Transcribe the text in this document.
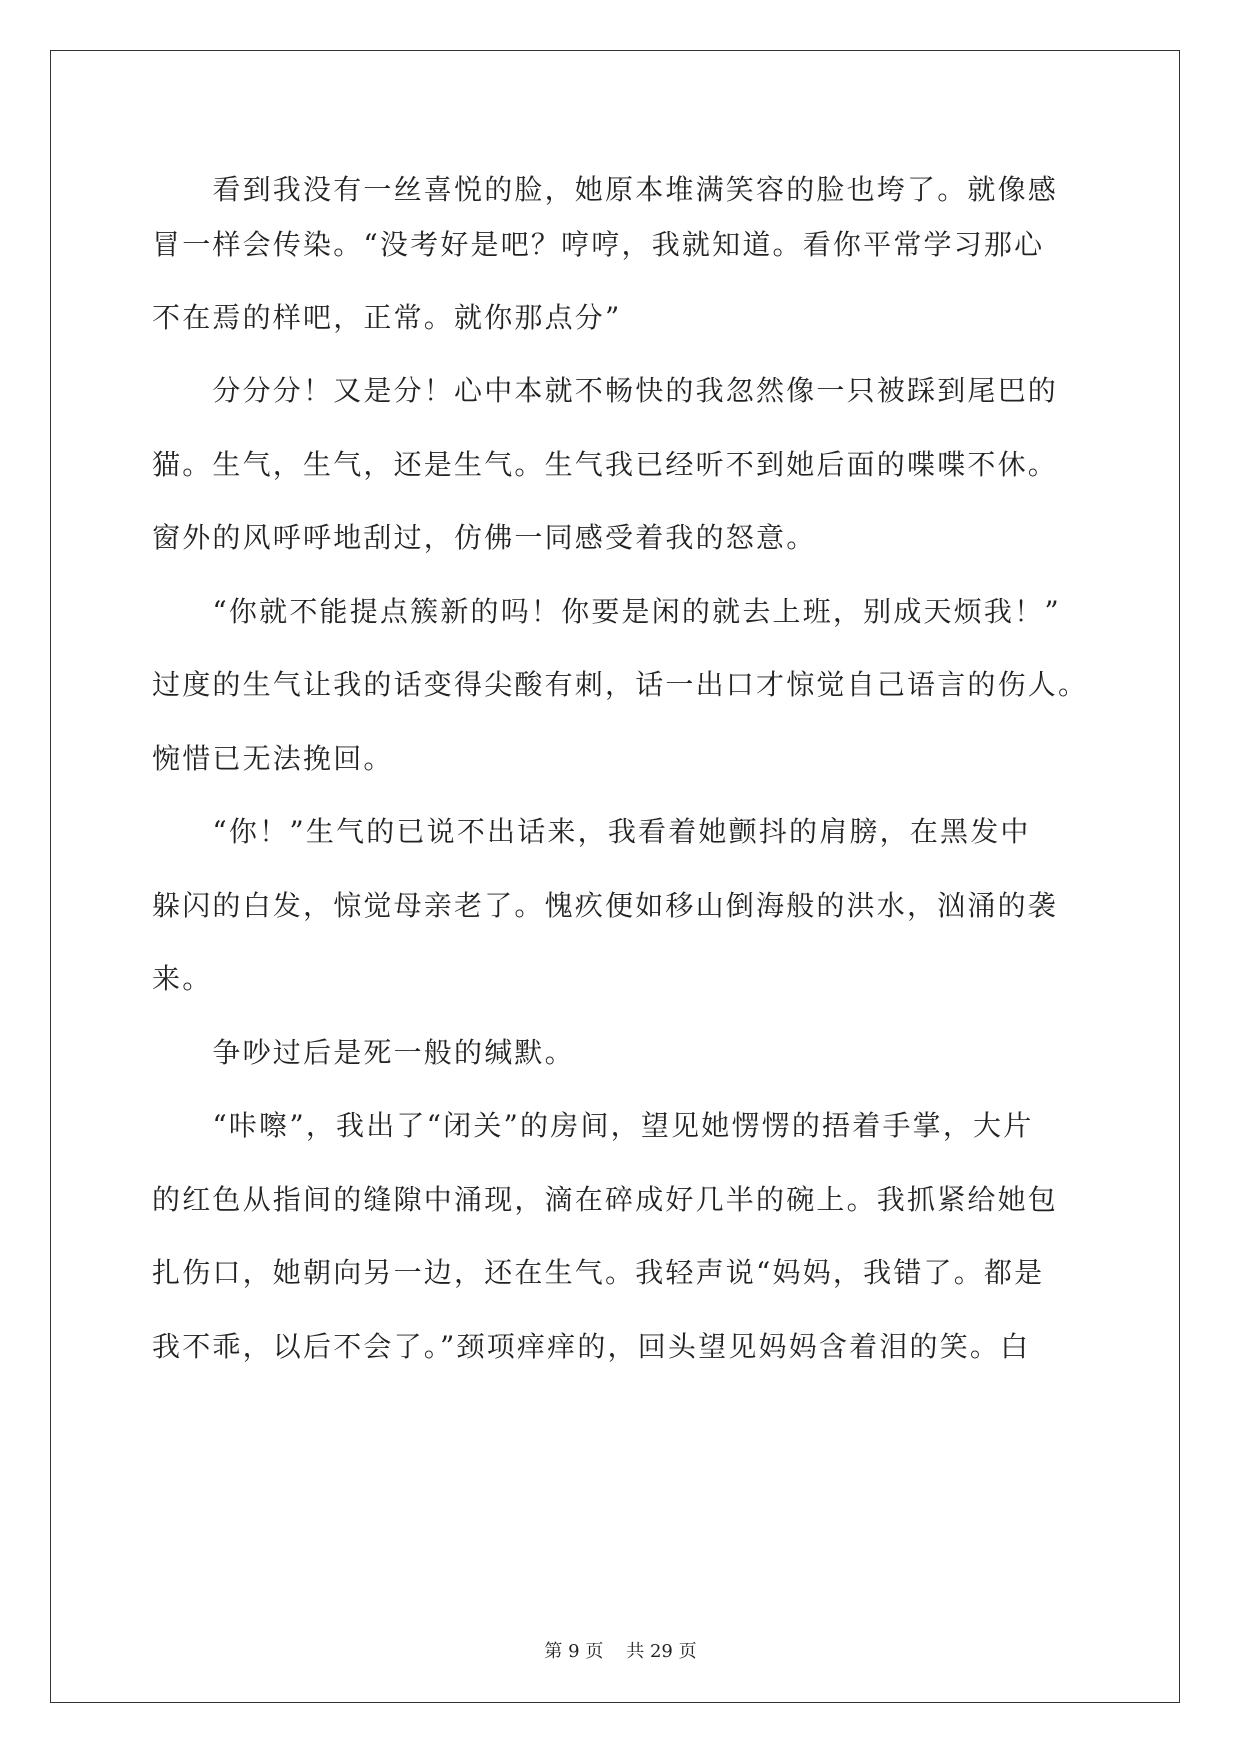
　　看到我没有一丝喜悦的脸，她原本堆满笑容的脸也垮了。就像感
冒一样会传染。“没考好是吧？哼哼，我就知道。看你平常学习那心
不在焉的样吧，正常。就你那点分”
　　分分分！又是分！心中本就不畅快的我忽然像一只被踩到尾巴的
猫。生气，生气，还是生气。生气我已经听不到她后面的喋喋不休。
窗外的风呼呼地刮过，仿佛一同感受着我的怒意。
　　“你就不能提点簇新的吗！你要是闲的就去上班，别成天烦我！”
过度的生气让我的话变得尖酸有刺，话一出口才惊觉自己语言的伤人。
惋惜已无法挽回。
　　“你！”生气的已说不出话来，我看着她颤抖的肩膀，在黑发中
躲闪的白发，惊觉母亲老了。愧疚便如移山倒海般的洪水，汹涌的袭
来。
　　争吵过后是死一般的缄默。
　　“咔嚓”，我出了“闭关”的房间，望见她愣愣的捂着手掌，大片
的红色从指间的缝隙中涌现，滴在碎成好几半的碗上。我抓紧给她包
扎伤口，她朝向另一边，还在生气。我轻声说“妈妈，我错了。都是
我不乖，以后不会了。”颈项痒痒的，回头望见妈妈含着泪的笑。白
第 9 页 共 29 页
